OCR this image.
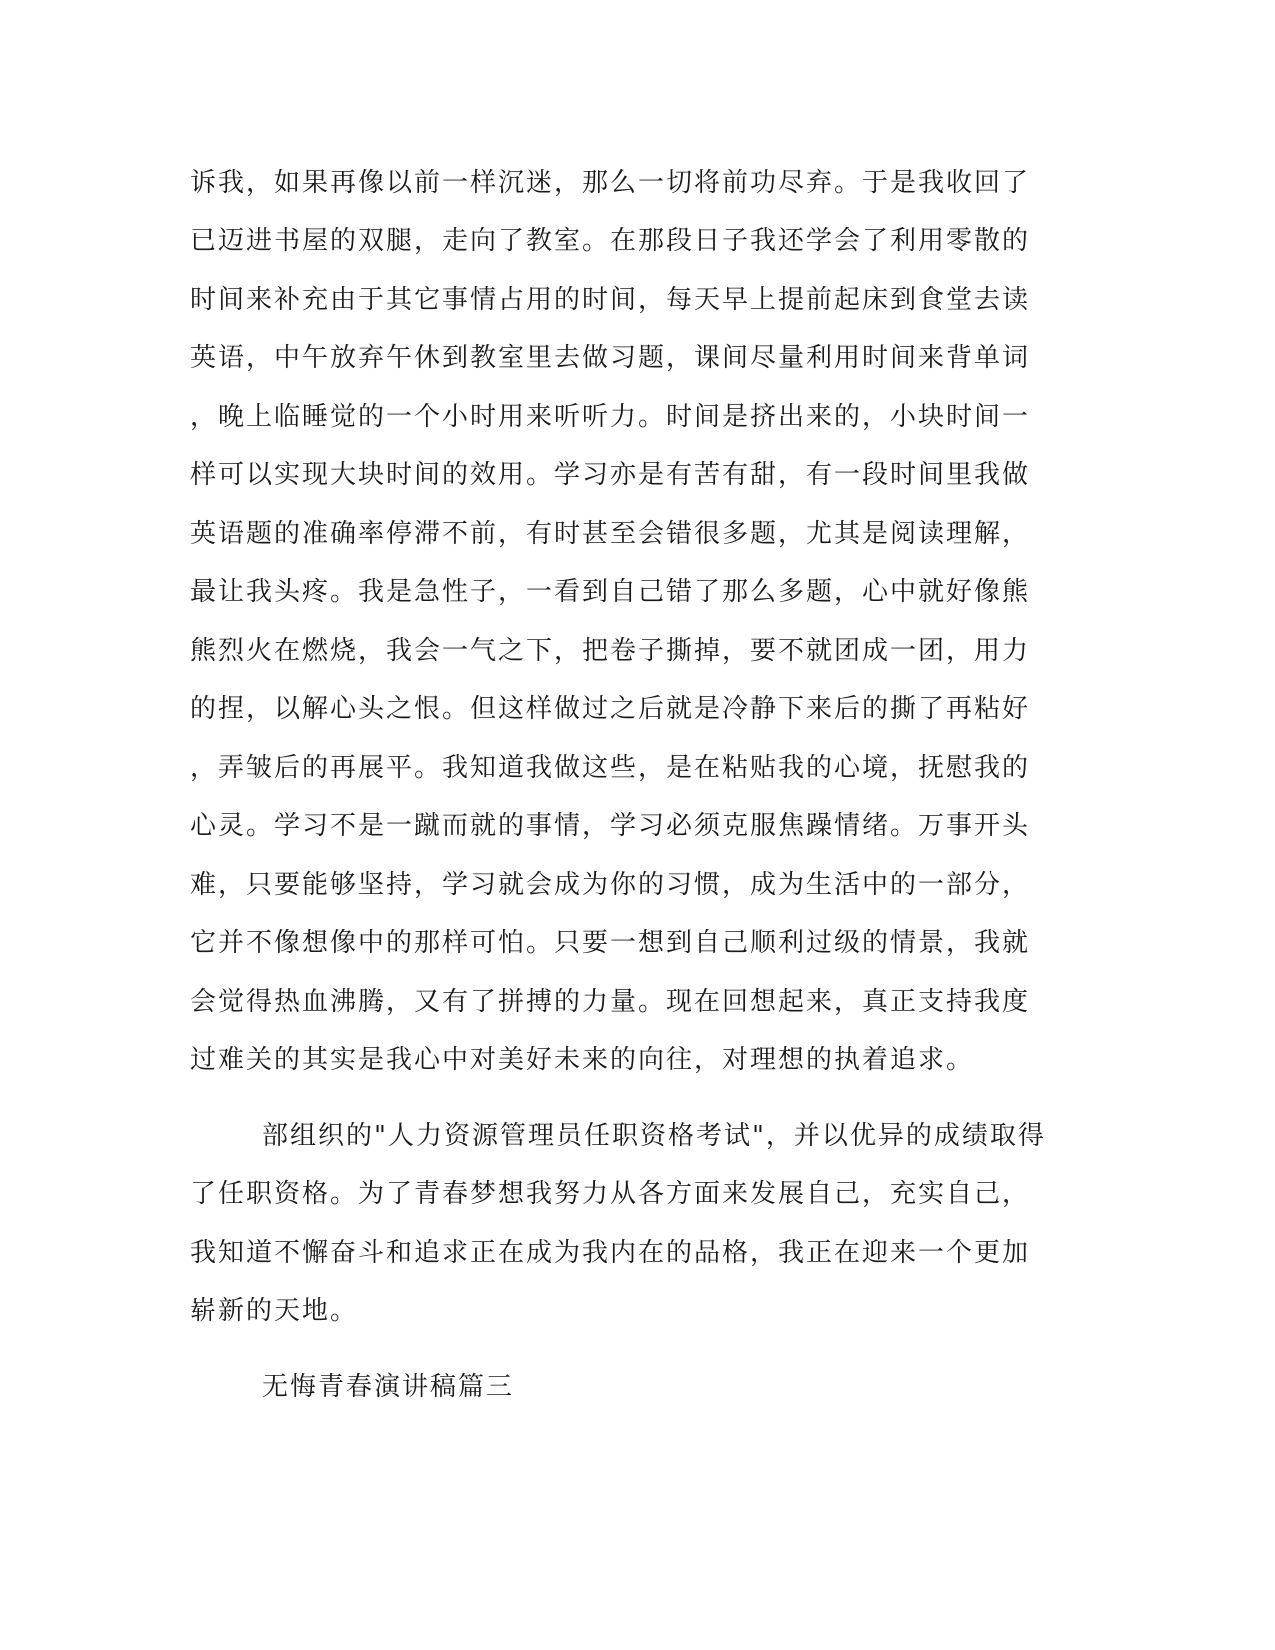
诉我，如果再像以前一样沉迷，那么一切将前功尽弃。于是我收回了
已迈进书屋的双腿，走向了教室。在那段日子我还学会了利用零散的
时间来补充由于其它事情占用的时间，每天早上提前起床到食堂去读
英语，中午放弃午休到教室里去做习题，课间尽量利用时间来背单词
，晚上临睡觉的一个小时用来听听力。时间是挤出来的，小块时间一
样可以实现大块时间的效用。学习亦是有苦有甜，有一段时间里我做
英语题的准确率停滞不前，有时甚至会错很多题，尤其是阅读理解，
最让我头疼。我是急性子，一看到自己错了那么多题，心中就好像熊
熊烈火在燃烧，我会一气之下，把卷子撕掉，要不就团成一团，用力
的捏，以解心头之恨。但这样做过之后就是冷静下来后的撕了再粘好
，弄皱后的再展平。我知道我做这些，是在粘贴我的心境，抚慰我的
心灵。学习不是一蹴而就的事情，学习必须克服焦躁情绪。万事开头
难，只要能够坚持，学习就会成为你的习惯，成为生活中的一部分，
它并不像想像中的那样可怕。只要一想到自己顺利过级的情景，我就
会觉得热血沸腾，又有了拼搏的力量。现在回想起来，真正支持我度
过难关的其实是我心中对美好未来的向往，对理想的执着追求。
部组织的"人力资源管理员任职资格考试"，并以优异的成绩取得
了任职资格。为了青春梦想我努力从各方面来发展自己，充实自己，
我知道不懈奋斗和追求正在成为我内在的品格，我正在迎来一个更加
崭新的天地。
无悔青春演讲稿篇三
